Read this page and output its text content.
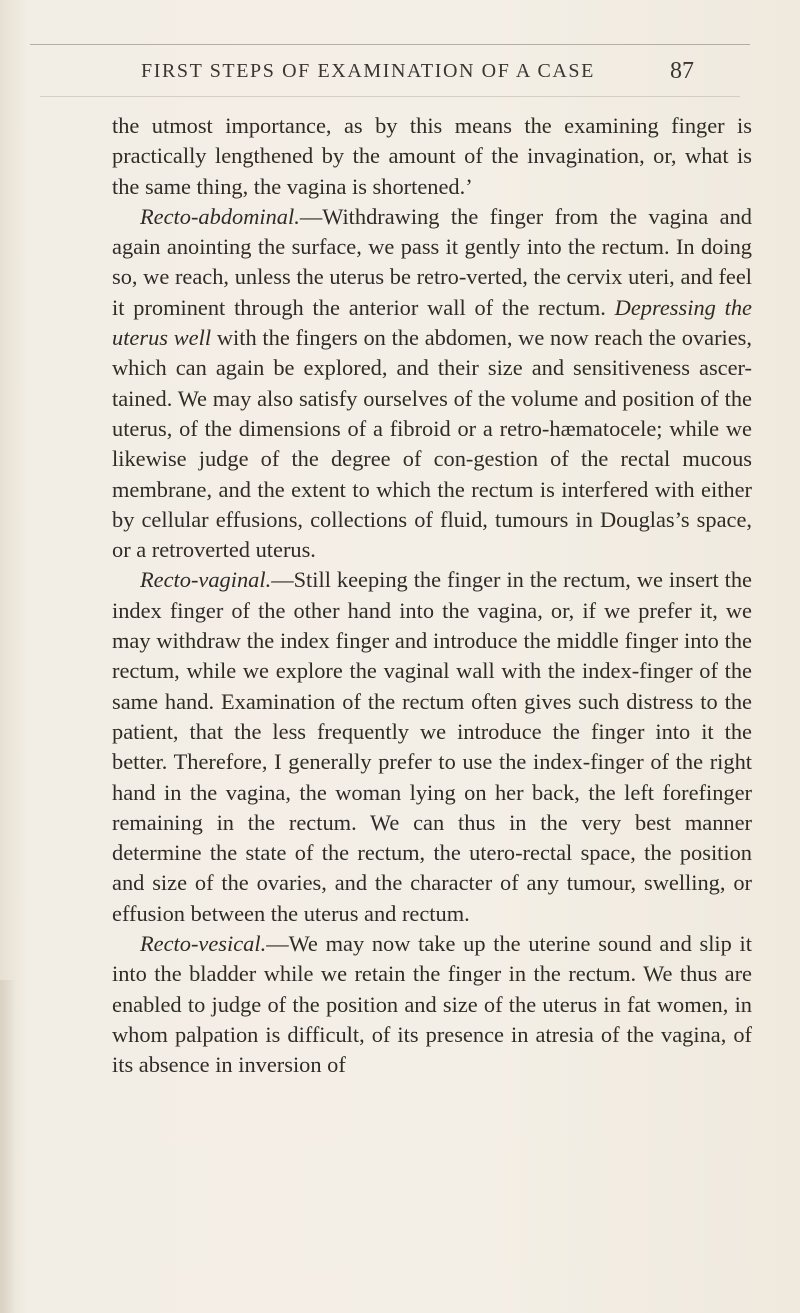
FIRST STEPS OF EXAMINATION OF A CASE	87

the utmost importance, as by this means the examining finger is practically lengthened by the amount of the invagination, or, what is the same thing, the vagina is shortened.’

Recto-abdominal.—Withdrawing the finger from the vagina and again anointing the surface, we pass it gently into the rectum. In doing so, we reach, unless the uterus be retro-verted, the cervix uteri, and feel it prominent through the anterior wall of the rectum. Depressing the uterus well with the fingers on the abdomen, we now reach the ovaries, which can again be explored, and their size and sensitiveness ascer-tained. We may also satisfy ourselves of the volume and position of the uterus, of the dimensions of a fibroid or a retro-hæmatocele; while we likewise judge of the degree of con-gestion of the rectal mucous membrane, and the extent to which the rectum is interfered with either by cellular effusions, collections of fluid, tumours in Douglas’s space, or a retroverted uterus.

Recto-vaginal.—Still keeping the finger in the rectum, we insert the index finger of the other hand into the vagina, or, if we prefer it, we may withdraw the index finger and introduce the middle finger into the rectum, while we explore the vaginal wall with the index-finger of the same hand. Examination of the rectum often gives such distress to the patient, that the less frequently we introduce the finger into it the better. Therefore, I generally prefer to use the index-finger of the right hand in the vagina, the woman lying on her back, the left forefinger remaining in the rectum. We can thus in the very best manner determine the state of the rectum, the utero-rectal space, the position and size of the ovaries, and the character of any tumour, swelling, or effusion between the uterus and rectum.

Recto-vesical.—We may now take up the uterine sound and slip it into the bladder while we retain the finger in the rectum. We thus are enabled to judge of the position and size of the uterus in fat women, in whom palpation is difficult, of its presence in atresia of the vagina, of its absence in inversion of
